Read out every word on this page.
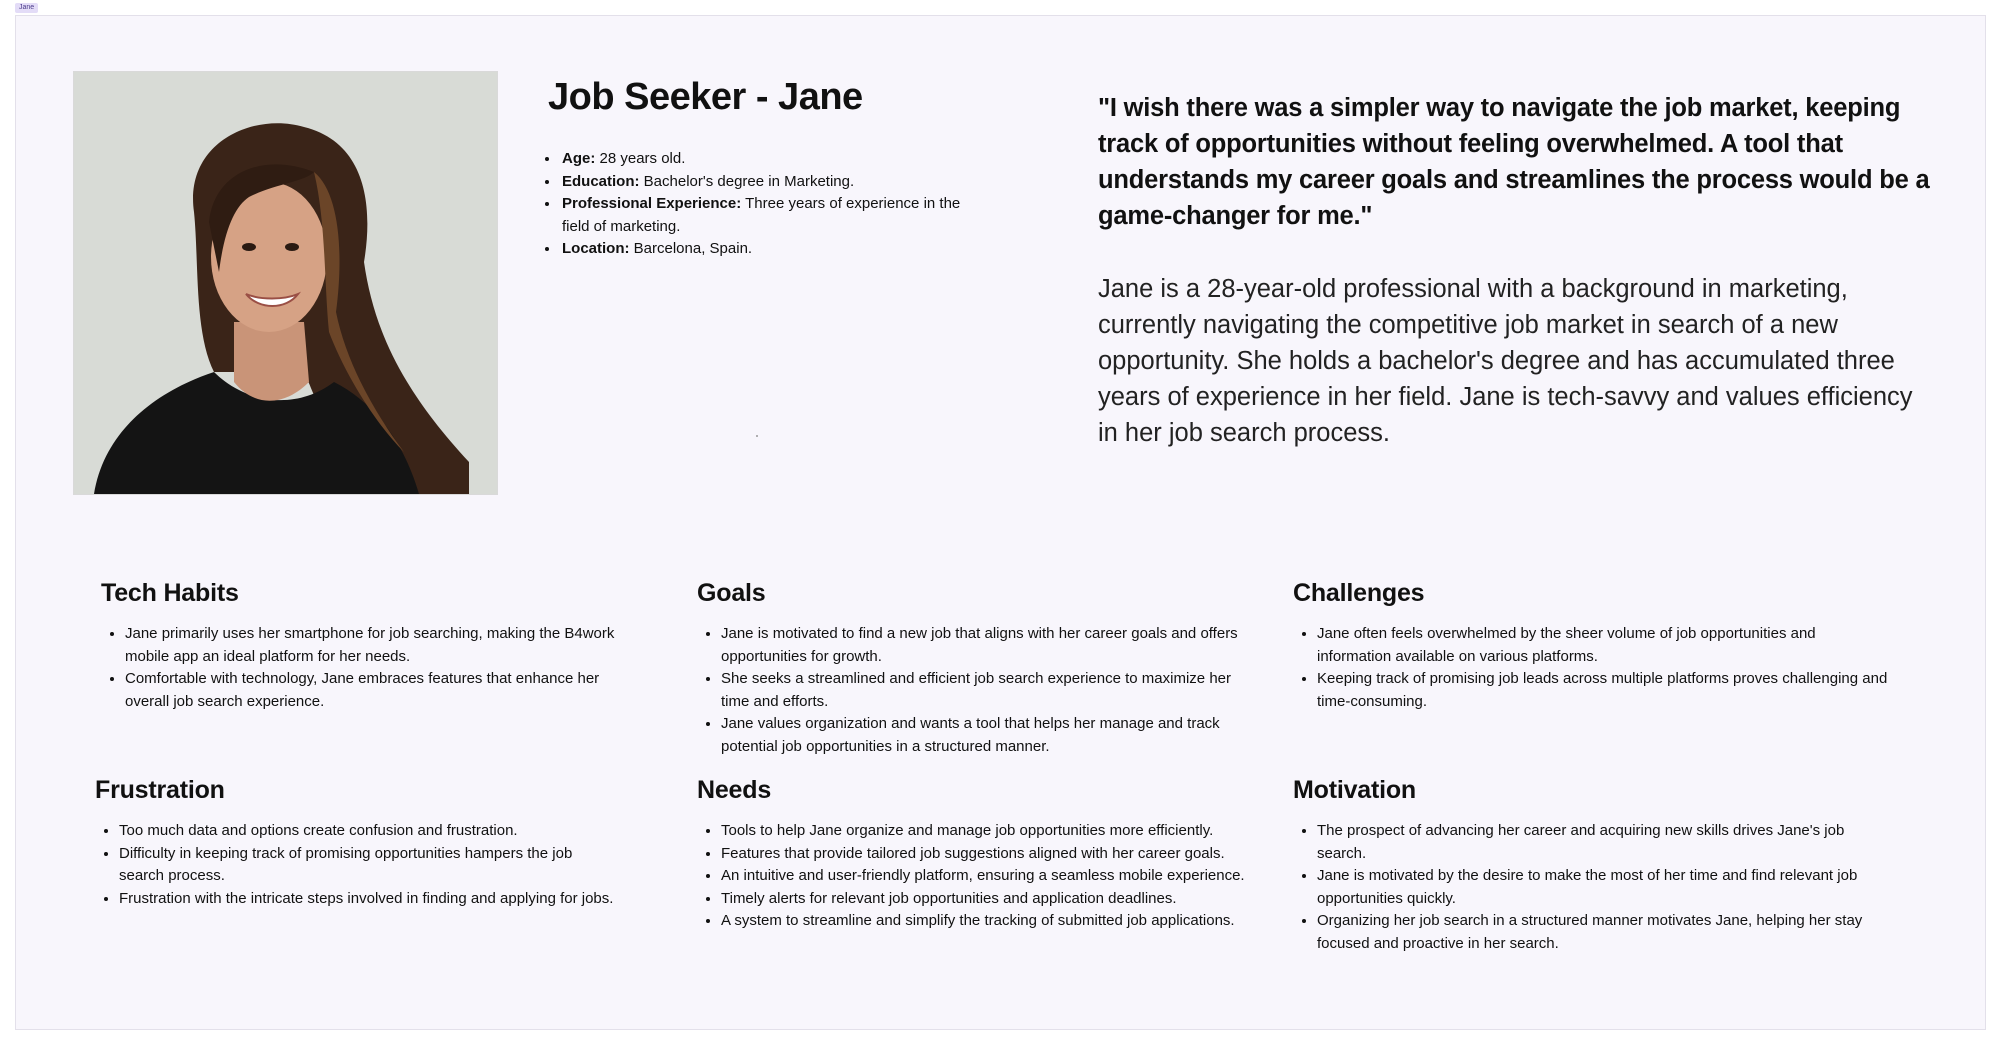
Jane
Job Seeker - Jane
• Age: 28 years old.
• Education: Bachelor's degree in Marketing.
• Professional Experience: Three years of experience in the field of marketing.
• Location: Barcelona, Spain.

"I wish there was a simpler way to navigate the job market, keeping track of opportunities without feeling overwhelmed. A tool that understands my career goals and streamlines the process would be a game-changer for me."

Jane is a 28-year-old professional with a background in marketing, currently navigating the competitive job market in search of a new opportunity. She holds a bachelor's degree and has accumulated three years of experience in her field. Jane is tech-savvy and values efficiency in her job search process.

Tech Habits
• Jane primarily uses her smartphone for job searching, making the B4work mobile app an ideal platform for her needs.
• Comfortable with technology, Jane embraces features that enhance her overall job search experience.
Goals
• Jane is motivated to find a new job that aligns with her career goals and offers opportunities for growth.
• She seeks a streamlined and efficient job search experience to maximize her time and efforts.
• Jane values organization and wants a tool that helps her manage and track potential job opportunities in a structured manner.
Challenges
• Jane often feels overwhelmed by the sheer volume of job opportunities and information available on various platforms.
• Keeping track of promising job leads across multiple platforms proves challenging and time-consuming.
Frustration
• Too much data and options create confusion and frustration.
• Difficulty in keeping track of promising opportunities hampers the job search process.
• Frustration with the intricate steps involved in finding and applying for jobs.
Needs
• Tools to help Jane organize and manage job opportunities more efficiently.
• Features that provide tailored job suggestions aligned with her career goals.
• An intuitive and user-friendly platform, ensuring a seamless mobile experience.
• Timely alerts for relevant job opportunities and application deadlines.
• A system to streamline and simplify the tracking of submitted job applications.
Motivation
• The prospect of advancing her career and acquiring new skills drives Jane's job search.
• Jane is motivated by the desire to make the most of her time and find relevant job opportunities quickly.
• Organizing her job search in a structured manner motivates Jane, helping her stay focused and proactive in her search.
